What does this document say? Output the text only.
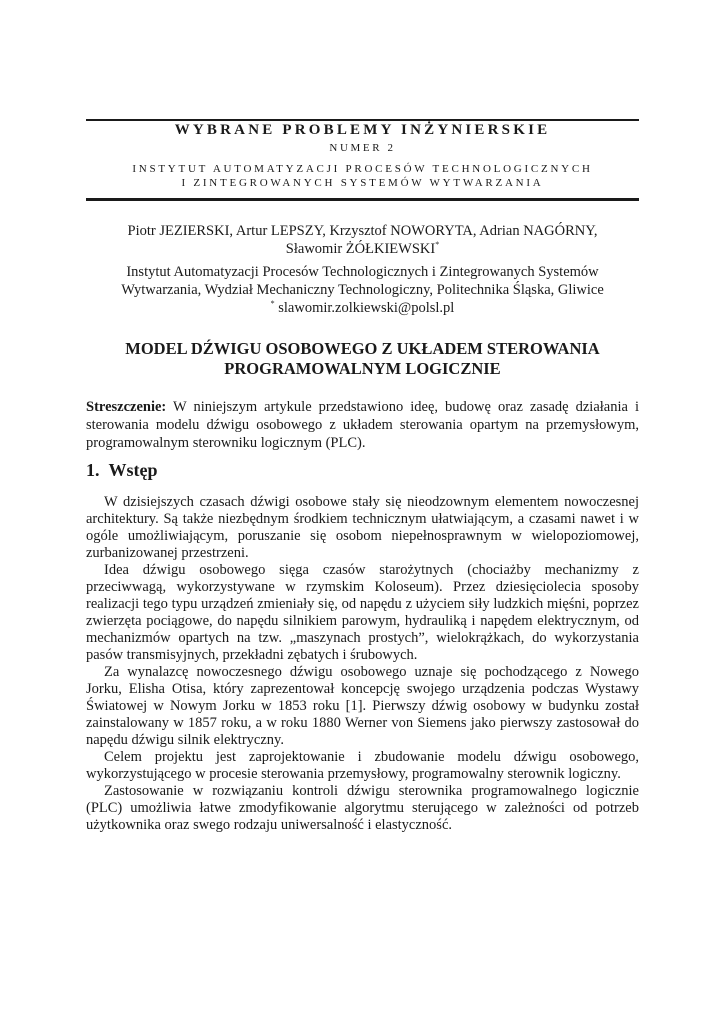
WYBRANE PROBLEMY INŻYNIERSKIE
NUMER 2
INSTYTUT AUTOMATYZACJI PROCESÓW TECHNOLOGICZNYCH
I ZINTEGROWANYCH SYSTEMÓW WYTWARZANIA
Piotr JEZIERSKI, Artur LEPSZY, Krzysztof NOWORYTA, Adrian NAGÓRNY,
Sławomir ŻÓŁKIEWSKI*
Instytut Automatyzacji Procesów Technologicznych i Zintegrowanych Systemów
Wytwarzania, Wydział Mechaniczny Technologiczny, Politechnika Śląska, Gliwice
* slawomir.zolkiewski@polsl.pl
MODEL DŹWIGU OSOBOWEGO Z UKŁADEM STEROWANIA
PROGRAMOWALNYM LOGICZNIE
Streszczenie: W niniejszym artykule przedstawiono ideę, budowę oraz zasadę działania i sterowania modelu dźwigu osobowego z układem sterowania opartym na przemysłowym, programowalnym sterowniku logicznym (PLC).
1. Wstęp
W dzisiejszych czasach dźwigi osobowe stały się nieodzownym elementem nowoczesnej architektury. Są także niezbędnym środkiem technicznym ułatwiającym, a czasami nawet i w ogóle umożliwiającym, poruszanie się osobom niepełnosprawnym w wielopoziomowej, zurbanizowanej przestrzeni.
Idea dźwigu osobowego sięga czasów starożytnych (chociażby mechanizmy z przeciwwagą, wykorzystywane w rzymskim Koloseum). Przez dziesięciolecia sposoby realizacji tego typu urządzeń zmieniały się, od napędu z użyciem siły ludzkich mięśni, poprzez zwierzęta pociągowe, do napędu silnikiem parowym, hydrauliką i napędem elektrycznym, od mechanizmów opartych na tzw. „maszynach prostych”, wielokrążkach, do wykorzystania pasów transmisyjnych, przekładni zębatych i śrubowych.
Za wynalazcę nowoczesnego dźwigu osobowego uznaje się pochodzącego z Nowego Jorku, Elisha Otisa, który zaprezentował koncepcję swojego urządzenia podczas Wystawy Światowej w Nowym Jorku w 1853 roku [1]. Pierwszy dźwig osobowy w budynku został zainstalowany w 1857 roku, a w roku 1880 Werner von Siemens jako pierwszy zastosował do napędu dźwigu silnik elektryczny.
Celem projektu jest zaprojektowanie i zbudowanie modelu dźwigu osobowego, wykorzystującego w procesie sterowania przemysłowy, programowalny sterownik logiczny.
Zastosowanie w rozwiązaniu kontroli dźwigu sterownika programowalnego logicznie (PLC) umożliwia łatwe zmodyfikowanie algorytmu sterującego w zależności od potrzeb użytkownika oraz swego rodzaju uniwersalność i elastyczność.
